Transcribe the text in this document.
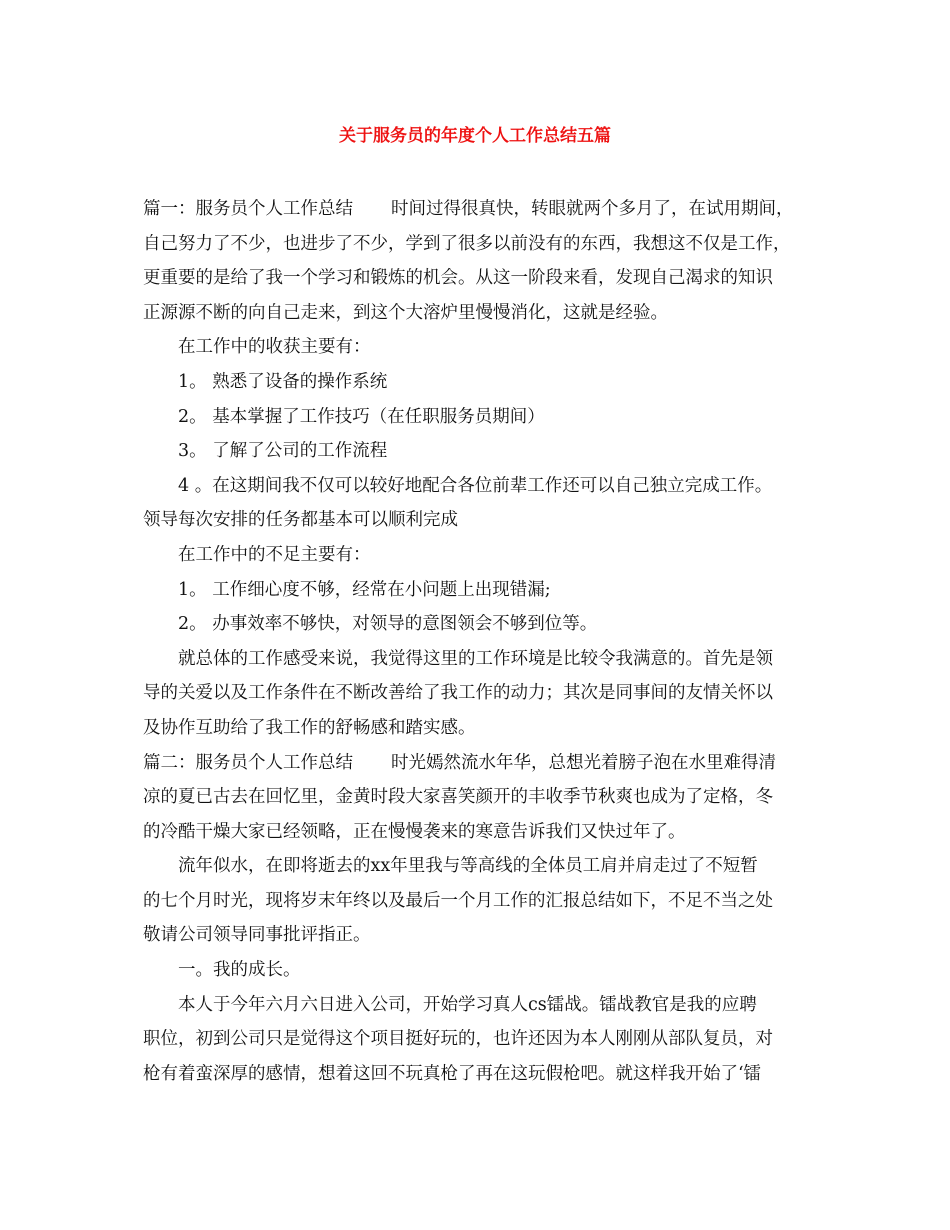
关于服务员的年度个人工作总结五篇
篇一：服务员个人工作总结 时间过得很真快，转眼就两个多月了，在试用期间，
自己努力了不少，也进步了不少，学到了很多以前没有的东西，我想这不仅是工作，
更重要的是给了我一个学习和锻炼的机会。从这一阶段来看，发现自己渴求的知识
正源源不断的向自己走来，到这个大溶炉里慢慢消化，这就是经验。
在工作中的收获主要有：
1。 熟悉了设备的操作系统
2。 基本掌握了工作技巧（在任职服务员期间）
3。 了解了公司的工作流程
4 。在这期间我不仅可以较好地配合各位前辈工作还可以自己独立完成工作。
领导每次安排的任务都基本可以顺利完成
在工作中的不足主要有：
1。 工作细心度不够，经常在小问题上出现错漏;
2。 办事效率不够快，对领导的意图领会不够到位等。
就总体的工作感受来说，我觉得这里的工作环境是比较令我满意的。首先是领
导的关爱以及工作条件在不断改善给了我工作的动力；其次是同事间的友情关怀以
及协作互助给了我工作的舒畅感和踏实感。
篇二：服务员个人工作总结 时光嫣然流水年华，总想光着膀子泡在水里难得清
凉的夏已古去在回忆里，金黄时段大家喜笑颜开的丰收季节秋爽也成为了定格，冬
的冷酷干燥大家已经领略，正在慢慢袭来的寒意告诉我们又快过年了。
流年似水，在即将逝去的xx年里我与等高线的全体员工肩并肩走过了不短暂
的七个月时光，现将岁末年终以及最后一个月工作的汇报总结如下，不足不当之处
敬请公司领导同事批评指正。
一。我的成长。
本人于今年六月六日进入公司，开始学习真人cs镭战。镭战教官是我的应聘
职位，初到公司只是觉得这个项目挺好玩的，也许还因为本人刚刚从部队复员，对
枪有着蛮深厚的感情，想着这回不玩真枪了再在这玩假枪吧。就这样我开始了‘镭
